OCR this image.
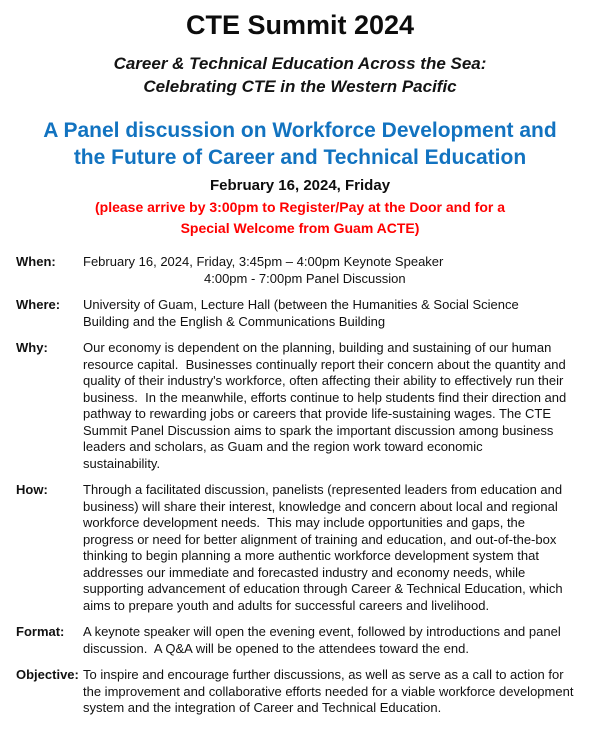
CTE Summit 2024
Career & Technical Education Across the Sea:
Celebrating CTE in the Western Pacific
A Panel discussion on Workforce Development and
the Future of Career and Technical Education
February 16, 2024, Friday
(please arrive by 3:00pm to Register/Pay at the Door and for a
Special Welcome from Guam ACTE)
When:	February 16, 2024, Friday, 3:45pm – 4:00pm Keynote Speaker
4:00pm - 7:00pm Panel Discussion
Where:	University of Guam, Lecture Hall (between the Humanities & Social Science
Building and the English & Communications Building
Why:	Our economy is dependent on the planning, building and sustaining of our human
resource capital.  Businesses continually report their concern about the quantity and
quality of their industry's workforce, often affecting their ability to effectively run their
business.  In the meanwhile, efforts continue to help students find their direction and
pathway to rewarding jobs or careers that provide life-sustaining wages. The CTE
Summit Panel Discussion aims to spark the important discussion among business
leaders and scholars, as Guam and the region work toward economic
sustainability.
How:	Through a facilitated discussion, panelists (represented leaders from education and
business) will share their interest, knowledge and concern about local and regional
workforce development needs.  This may include opportunities and gaps, the
progress or need for better alignment of training and education, and out-of-the-box
thinking to begin planning a more authentic workforce development system that
addresses our immediate and forecasted industry and economy needs, while
supporting advancement of education through Career & Technical Education, which
aims to prepare youth and adults for successful careers and livelihood.
Format:	A keynote speaker will open the evening event, followed by introductions and panel
discussion.  A Q&A will be opened to the attendees toward the end.
Objective: To inspire and encourage further discussions, as well as serve as a call to action for
the improvement and collaborative efforts needed for a viable workforce development
system and the integration of Career and Technical Education.
